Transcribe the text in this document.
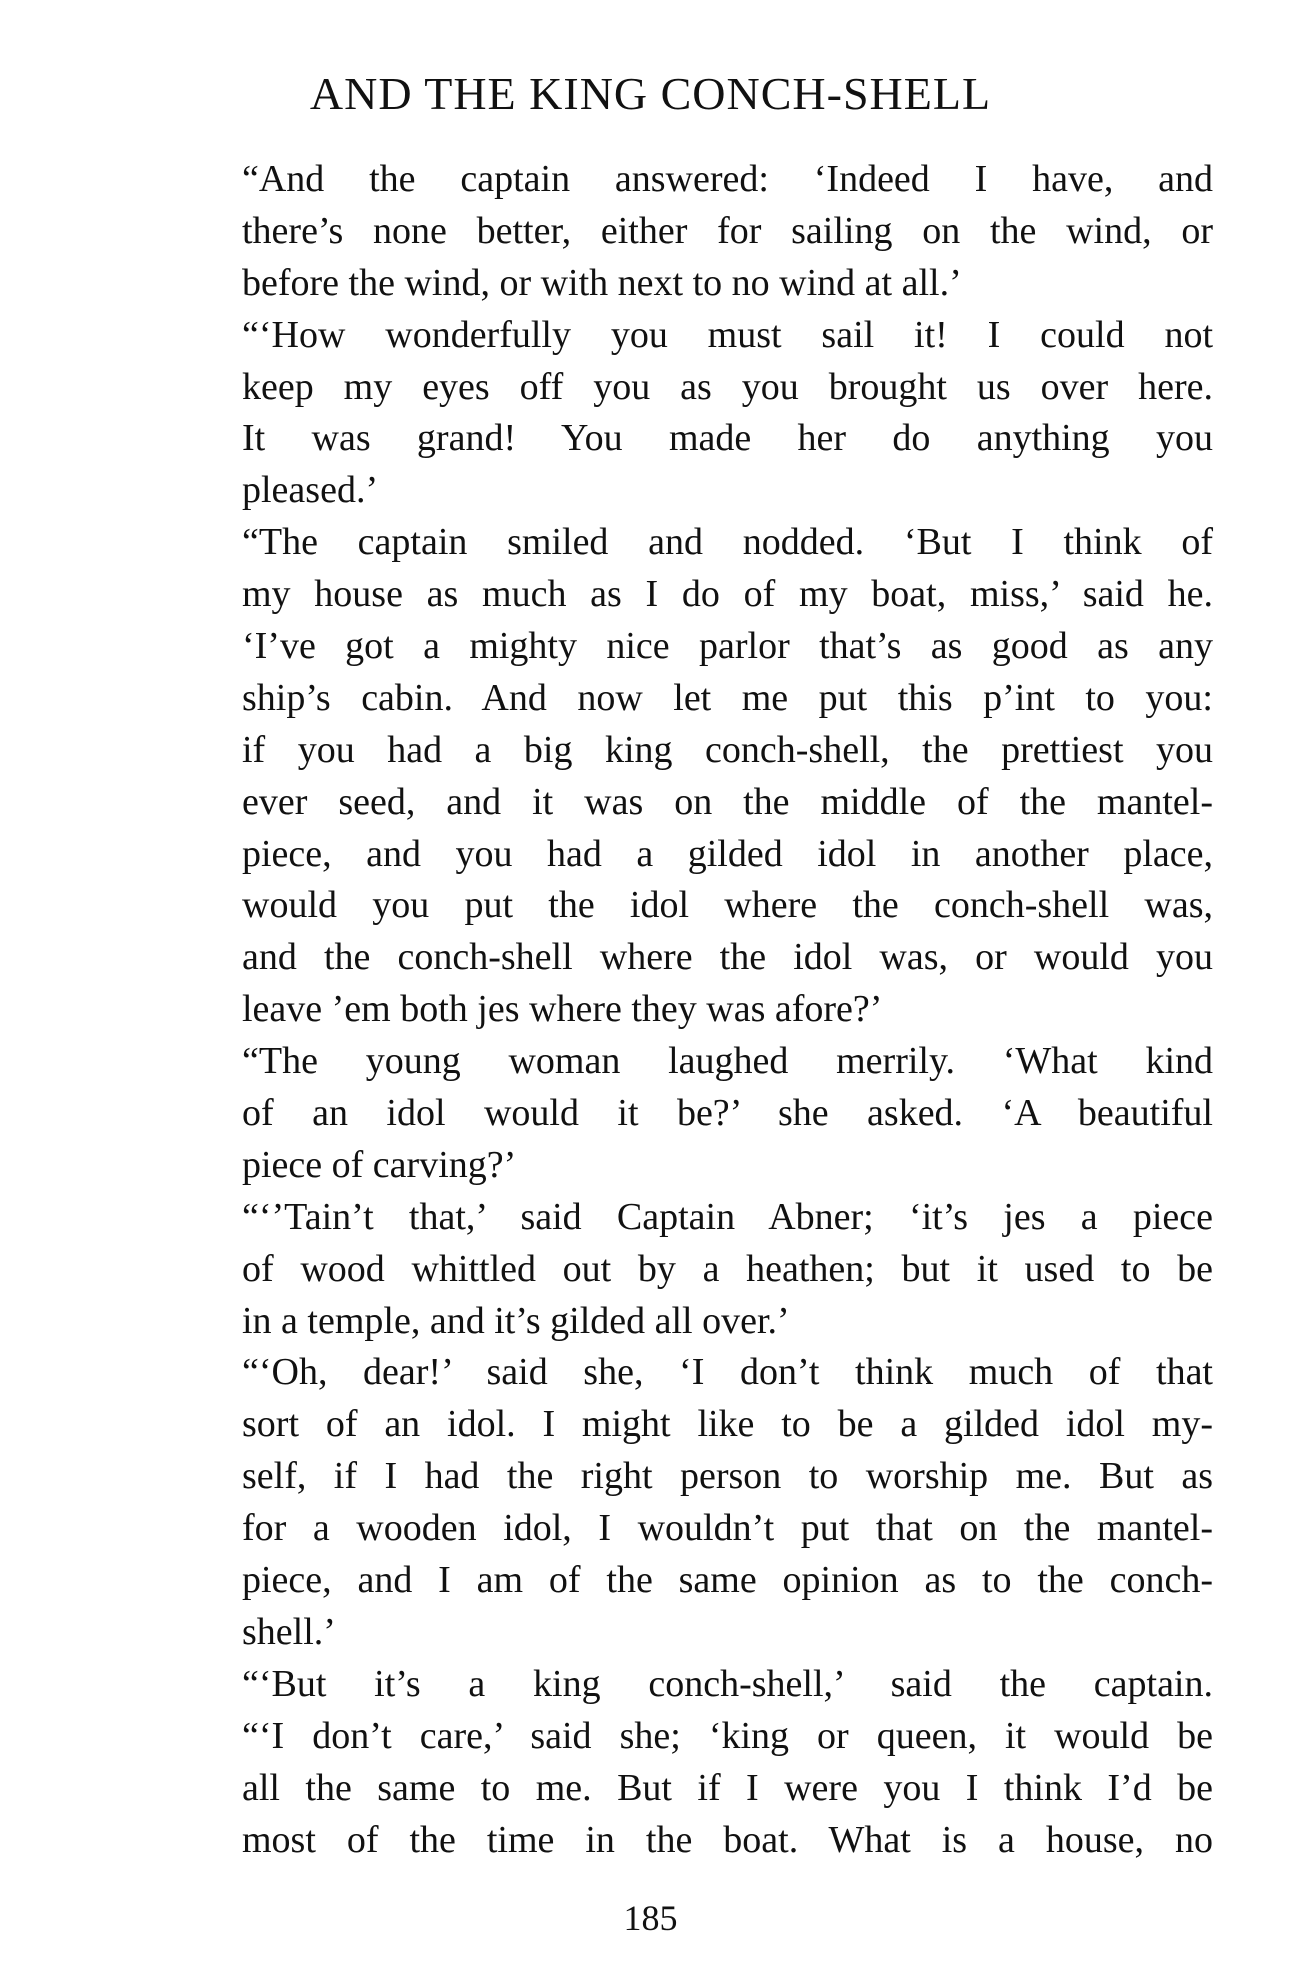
AND THE KING CONCH-SHELL

“And the captain answered: ‘Indeed I have, and
there’s none better, either for sailing on the wind, or
before the wind, or with next to no wind at all.’

“‘How wonderfully you must sail it! I could not
keep my eyes off you as you brought us over here.
It was grand! You made her do anything you
pleased.’

“The captain smiled and nodded. ‘But I think of
my house as much as I do of my boat, miss,’ said he.
‘I’ve got a mighty nice parlor that’s as good as any
ship’s cabin. And now let me put this p’int to you:
if you had a big king conch-shell, the prettiest you
ever seed, and it was on the middle of the mantel-
piece, and you had a gilded idol in another place,
would you put the idol where the conch-shell was,
and the conch-shell where the idol was, or would you
leave ’em both jes where they was afore?’

“The young woman laughed merrily. ‘What kind
of an idol would it be?’ she asked. ‘A beautiful
piece of carving?’

“‘’Tain’t that,’ said Captain Abner; ‘it’s jes a piece
of wood whittled out by a heathen; but it used to be
in a temple, and it’s gilded all over.’

“‘Oh, dear!’ said she, ‘I don’t think much of that
sort of an idol. I might like to be a gilded idol my-
self, if I had the right person to worship me. But as
for a wooden idol, I wouldn’t put that on the mantel-
piece, and I am of the same opinion as to the conch-
shell.’

“‘But it’s a king conch-shell,’ said the captain.

“‘I don’t care,’ said she; ‘king or queen, it would be
all the same to me. But if I were you I think I’d be
most of the time in the boat. What is a house, no

185
